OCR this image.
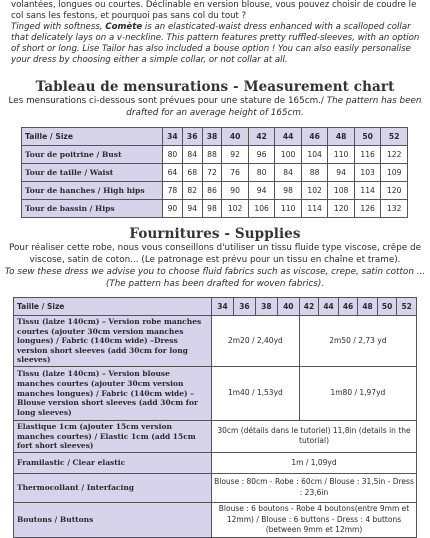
volantées, longues ou courtes. Déclinable en version blouse, vous pouvez choisir de coudre le col sans les festons, et pourquoi pas sans col du tout ?

Tinged with softness, Comète is an elasticated-waist dress enhanced with a scalloped collar that delicately lays on a v-neckline. This pattern features pretty ruffled-sleeves, with an option of short or long. Lise Tailor has also included a bouse option ! You can also easily personalise your dress by choosing either a simple collar, or not collar at all.

Tableau de mensurations - Measurement chart
Les mensurations ci-dessous sont prévues pour une stature de 165cm./ The pattern has been drafted for an average height of 165cm.
Taille / Size	34	36	38	40	42	44	46	48	50	52
Tour de poitrine / Bust	80	84	88	92	96	100	104	110	116	122
Tour de taille / Waist	64	68	72	76	80	84	88	94	103	109
Tour de hanches / High hips	78	82	86	90	94	98	102	108	114	120
Tour de bassin / Hips	90	94	98	102	106	110	114	120	126	132
Fournitures - Supplies

Pour réaliser cette robe, nous vous conseillons d'utiliser un tissu fluide type viscose, crêpe de viscose, satin de coton... (Le patronage est prévu pour un tissu en chaîne et trame).

To sew these dress we advise you to choose fluid fabrics such as viscose, crepe, satin cotton ... (The pattern has been drafted for woven fabrics).

Taille / Size	34	36	38	40	42	44	46	48	50	52
Tissu (laize 140cm) – Version robe manches courtes (ajouter 30cm version manches longues) / Fabric (140cm wide) –Dress version short sleeves (add 30cm for long sleeves)	2m20 / 2,40yd				2m50 / 2,73 yd					
Tissu (laize 140cm) – Version blouse manches courtes (ajouter 30cm version manches longues) / Fabric (140cm wide) –Blouse version short sleeves (add 30cm for long sleeves)	1m40 / 1,53yd				1m80 / 1,97yd					
Elastique 1cm (ajouter 15cm version manches courtes) / Elastic 1cm (add 15cm fort short sleeves)	30cm (détails dans le tutoriel) 11,8in (details in the tutorial)									
Framilastic / Clear elastic	1m / 1,09yd									
Thermocollant / Interfacing	Blouse : 80cm - Robe : 60cm / Blouse : 31,5in - Dress : 23,6in									
Boutons / Buttons	Blouse : 6 boutons - Robe 4 boutons(entre 9mm et 12mm) / Blouse : 6 buttons - Dress : 4 buttons (between 9mm et 12mm)									
